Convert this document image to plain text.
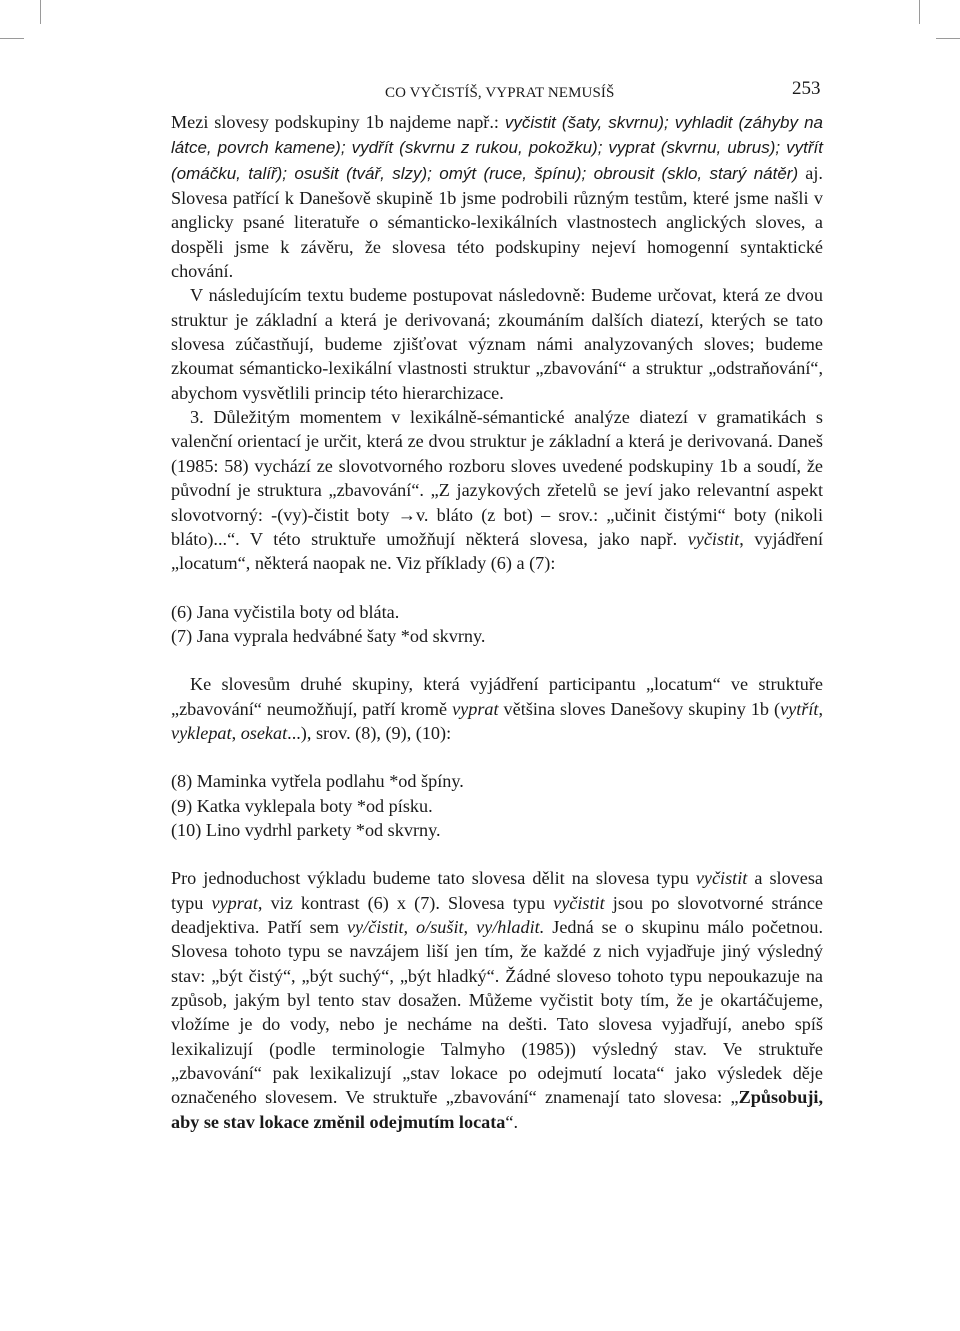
CO VYČISTÍŠ, VYPRAT NEMUSÍŠ	253

Mezi slovesy podskupiny 1b najdeme např.: vyčistit (šaty, skvrnu); vyhladit (záhyby na látce, povrch kamene); vydřít (skvrnu z rukou, pokožku); vyprat (skvrnu, ubrus); vytřít (omáčku, talíř); osušit (tvář, slzy); omýt (ruce, špínu); obrousit (sklo, starý nátěr) aj. Slovesa patřící k Danešově skupině 1b jsme podrobili různým testům, které jsme našli v anglicky psané literatuře o sémanticko-lexikálních vlastnostech anglických sloves, a dospěli jsme k závěru, že slovesa této podskupiny nejeví homogenní syntaktické chování.

V následujícím textu budeme postupovat následovně: Budeme určovat, která ze dvou struktur je základní a která je derivovaná; zkoumáním dalších diatezí, kterých se tato slovesa zúčastňují, budeme zjišťovat význam námi analyzovaných sloves; budeme zkoumat sémanticko-lexikální vlastnosti struktur „zbavování“ a struktur „odstraňování“, abychom vysvětlili princip této hierarchizace.

3. Důležitým momentem v lexikálně-sémantické analýze diatezí v gramatikách s valenční orientací je určit, která ze dvou struktur je základní a která je derivovaná. Daneš (1985: 58) vychází ze slovotvorného rozboru sloves uvedené podskupiny 1b a soudí, že původní je struktura „zbavování“. „Z jazykových zřetelů se jeví jako relevantní aspekt slovotvorný: -(vy)-čistit boty →v. bláto (z bot) – srov.: „učinit čistými“ boty (nikoli bláto)...“. V této struktuře umožňují některá slovesa, jako např. vyčistit, vyjádření „locatum“, některá naopak ne. Viz příklady (6) a (7):

(6) Jana vyčistila boty od bláta.
(7) Jana vyprala hedvábné šaty *od skvrny.

Ke slovesům druhé skupiny, která vyjádření participantu „locatum“ ve struktuře „zbavování“ neumožňují, patří kromě vyprat většina sloves Danešovy skupiny 1b (vytřít, vyklepat, osekat...), srov. (8), (9), (10):

(8) Maminka vytřela podlahu *od špíny.
(9) Katka vyklepala boty *od písku.
(10) Lino vydrhl parkety *od skvrny.

Pro jednoduchost výkladu budeme tato slovesa dělit na slovesa typu vyčistit a slovesa typu vyprat, viz kontrast (6) x (7). Slovesa typu vyčistit jsou po slovotvorné stránce deadjektiva. Patří sem vy/čistit, o/sušit, vy/hladit. Jedná se o skupinu málo početnou. Slovesa tohoto typu se navzájem liší jen tím, že každé z nich vyjadřuje jiný výsledný stav: „být čistý“, „být suchý“, „být hladký“. Žádné sloveso tohoto typu nepoukazuje na způsob, jakým byl tento stav dosažen. Můžeme vyčistit boty tím, že je okartáčujeme, vložíme je do vody, nebo je necháme na dešti. Tato slovesa vyjadřují, anebo spíš lexikalizují (podle terminologie Talmyho (1985)) výsledný stav. Ve struktuře „zbavování“ pak lexikalizují „stav lokace po odejmutí locata“ jako výsledek děje označeného slovesem. Ve struktuře „zbavování“ znamenají tato slovesa: „Způsobuji, aby se stav lokace změnil odejmutím locata“.
